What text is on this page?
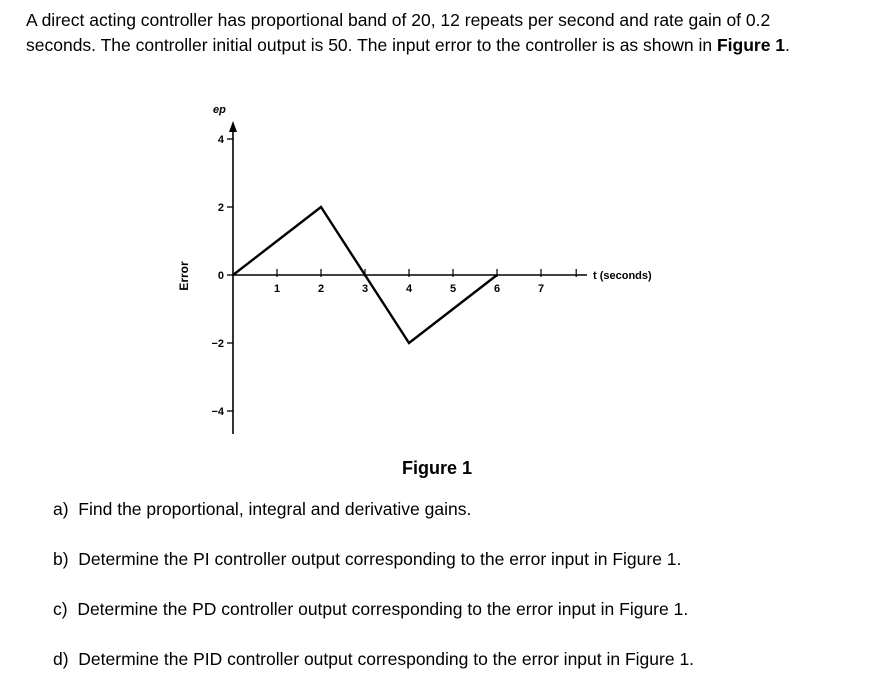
A direct acting controller has proportional band of 20, 12 repeats per second and rate gain of 0.2 seconds. The controller initial output is 50. The input error to the controller is as shown in Figure 1.
4
2
0
−2
−4
1	2	3	4	5	6	7
Error
ep
t (seconds)
Figure 1
a) Find the proportional, integral and derivative gains.
b) Determine the PI controller output corresponding to the error input in Figure 1.
c) Determine the PD controller output corresponding to the error input in Figure 1.
d) Determine the PID controller output corresponding to the error input in Figure 1.
